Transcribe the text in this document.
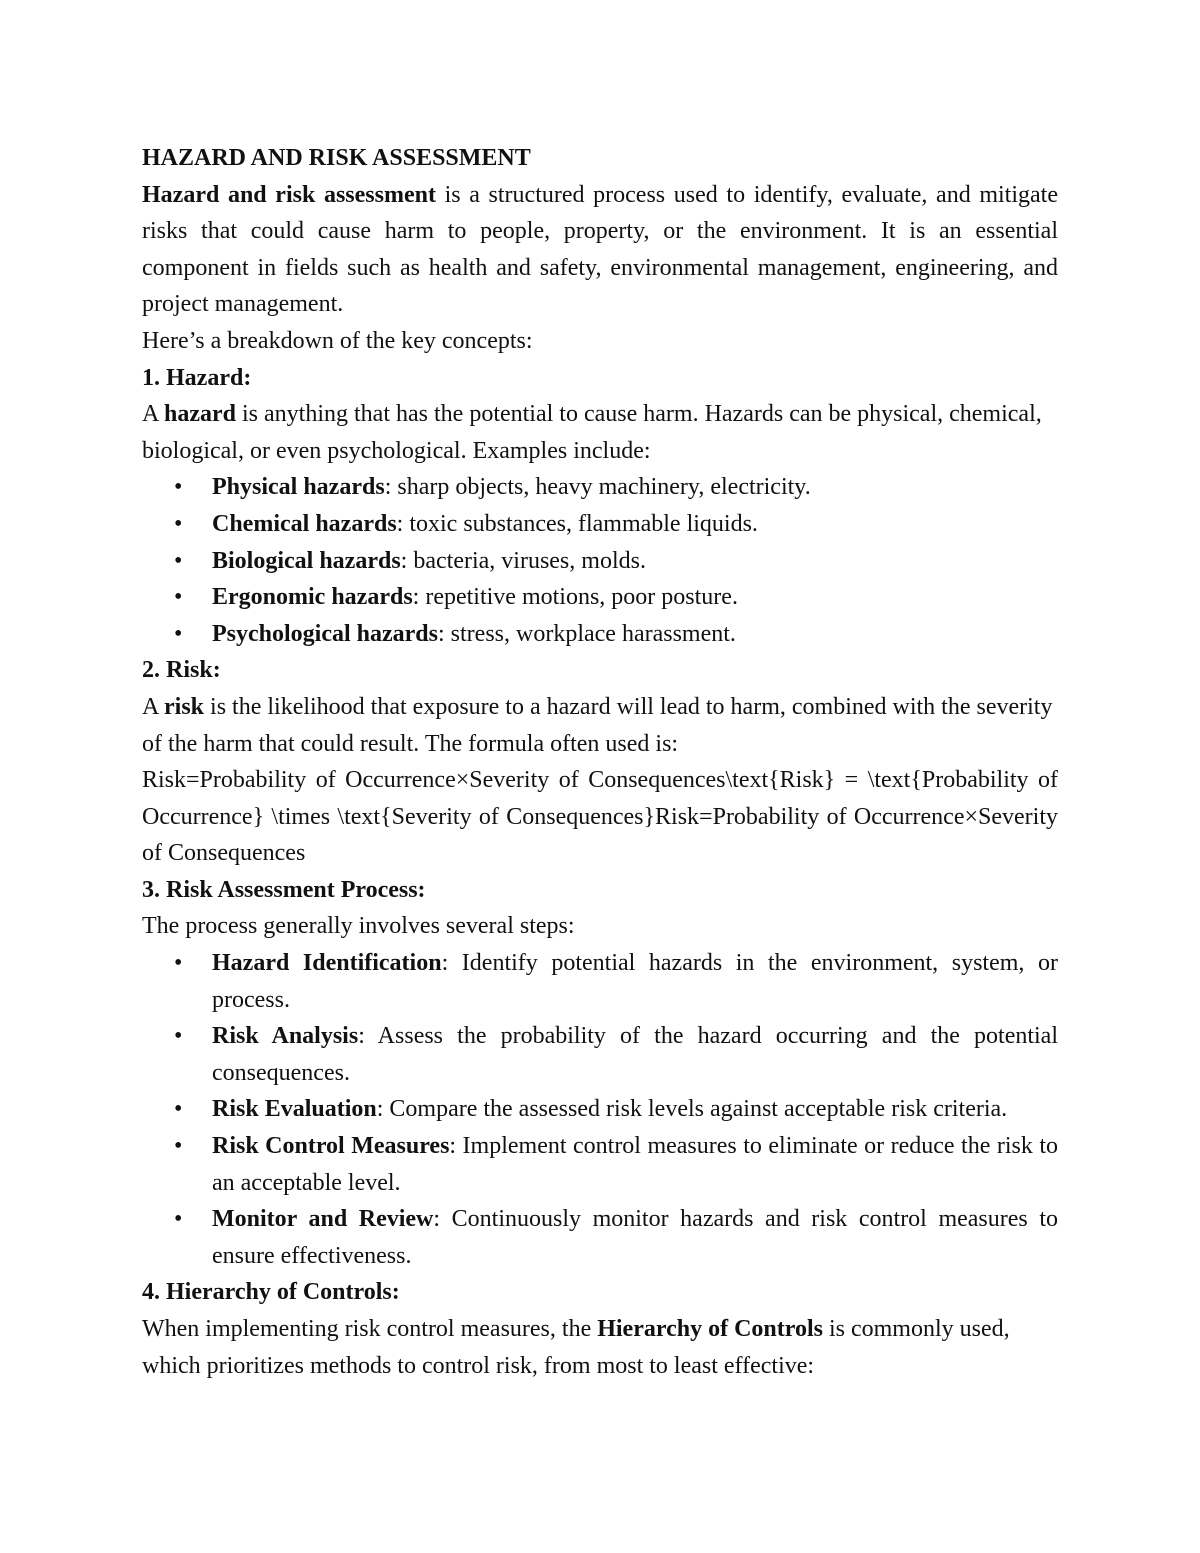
HAZARD AND RISK ASSESSMENT

Hazard and risk assessment is a structured process used to identify, evaluate, and mitigate risks that could cause harm to people, property, or the environment. It is an essential component in fields such as health and safety, environmental management, engineering, and project management.

Here’s a breakdown of the key concepts:

1. Hazard:

A hazard is anything that has the potential to cause harm. Hazards can be physical, chemical, biological, or even psychological. Examples include:

• Physical hazards: sharp objects, heavy machinery, electricity.
• Chemical hazards: toxic substances, flammable liquids.
• Biological hazards: bacteria, viruses, molds.
• Ergonomic hazards: repetitive motions, poor posture.
• Psychological hazards: stress, workplace harassment.

2. Risk:

A risk is the likelihood that exposure to a hazard will lead to harm, combined with the severity of the harm that could result. The formula often used is:

Risk=Probability of Occurrence×Severity of Consequences\text{Risk} = \text{Probability of Occurrence} \times \text{Severity of Consequences}Risk=Probability of Occurrence×Severity of Consequences

3. Risk Assessment Process:

The process generally involves several steps:

• Hazard Identification: Identify potential hazards in the environment, system, or process.
• Risk Analysis: Assess the probability of the hazard occurring and the potential consequences.
• Risk Evaluation: Compare the assessed risk levels against acceptable risk criteria.
• Risk Control Measures: Implement control measures to eliminate or reduce the risk to an acceptable level.
• Monitor and Review: Continuously monitor hazards and risk control measures to ensure effectiveness.

4. Hierarchy of Controls:

When implementing risk control measures, the Hierarchy of Controls is commonly used, which prioritizes methods to control risk, from most to least effective:
